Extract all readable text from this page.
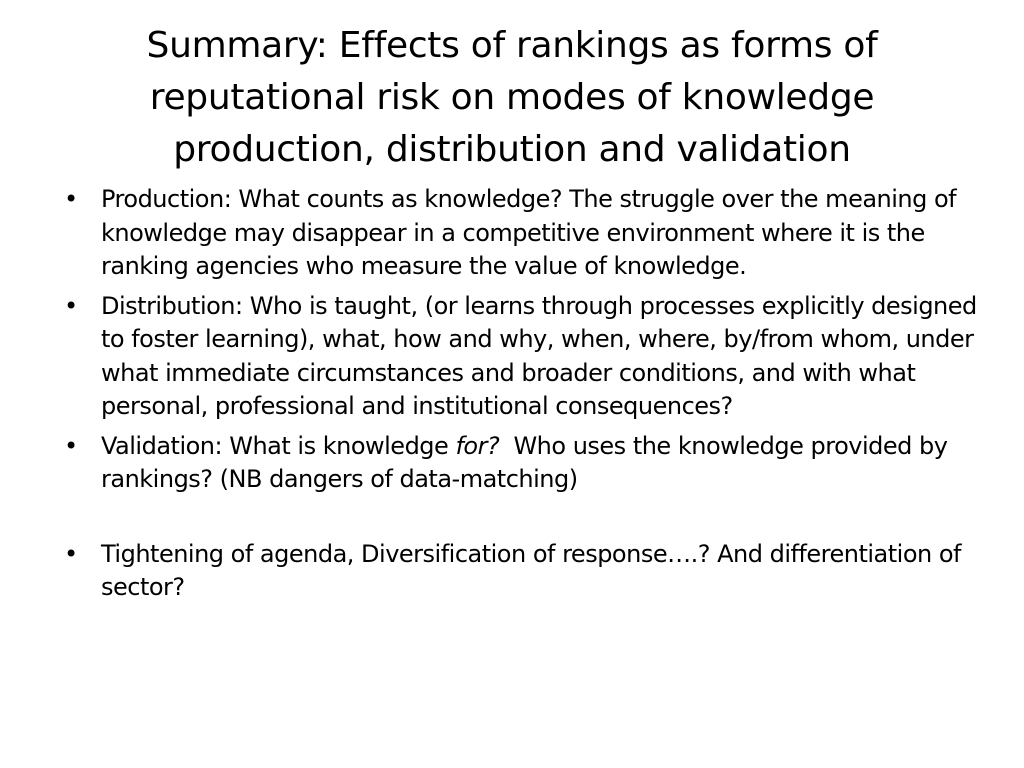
Summary: Effects of rankings as forms of
reputational risk on modes of knowledge
production, distribution and validation
• Production: What counts as knowledge? The struggle over the meaning of knowledge may disappear in a competitive environment where it is the ranking agencies who measure the value of knowledge.
• Distribution: Who is taught, (or learns through processes explicitly designed to foster learning), what, how and why, when, where, by/from whom, under what immediate circumstances and broader conditions, and with what personal, professional and institutional consequences?
• Validation: What is knowledge for?  Who uses the knowledge provided by rankings? (NB dangers of data-matching)
• Tightening of agenda, Diversification of response….? And differentiation of sector?
